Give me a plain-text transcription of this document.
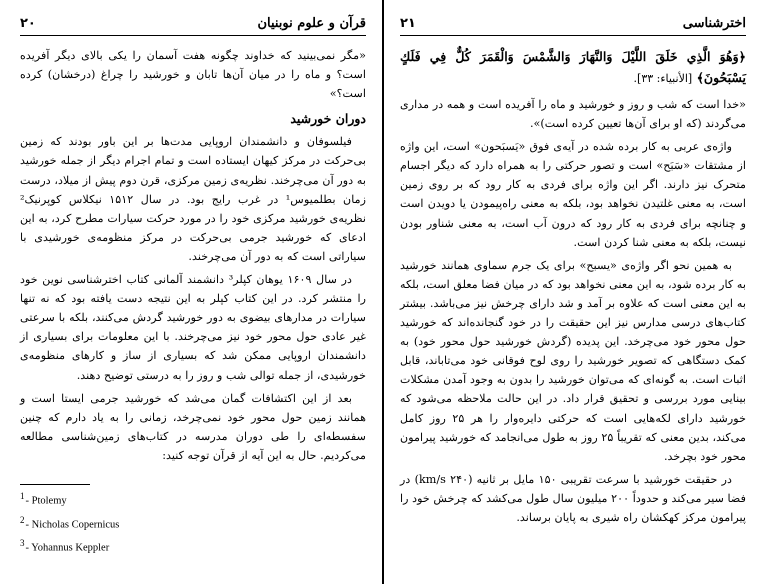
۲۰	قرآن و علوم نوبنیان

«مگر نمی‌بینید که خداوند چگونه هفت آسمان را یکی بالای دیگر آفریده است؟ و ماه را در میان آن‌ها تابان و خورشید را چراغ (درخشان) کرده است؟»

دوران خورشید

فیلسوفان و دانشمندان اروپایی مدت‌ها بر این باور بودند که زمین بی‌حرکت در مرکز کیهان ایستاده است و تمام اجرام دیگر از جمله خورشید به دور آن می‌چرخند. نظریه‌ی زمین مرکزی، قرن دوم پیش از میلاد، درست زمان بطلمیوس¹ در غرب رایج بود. در سال ۱۵۱۲ نیکلاس کوپرنیک² نظریه‌ی خورشید مرکزی خود را در مورد حرکت سیارات مطرح کرد، به این ادعای که خورشید جرمی بی‌حرکت در مرکز منظومه‌ی خورشیدی با سیاراتی است که به دور آن می‌چرخند.

در سال ۱۶۰۹ یوهان کپلر³ دانشمند آلمانی کتاب اخترشناسی نوین خود را منتشر کرد. در این کتاب کپلر به این نتیجه دست یافته بود که نه تنها سیارات در مدارهای بیضوی به دور خورشید گردش می‌کنند، بلکه با سرعتی غیر عادی حول محور خود نیز می‌چرخند. با این معلومات برای بسیاری از دانشمندان اروپایی ممکن شد که بسیاری از ساز و کارهای منظومه‌ی خورشیدی، از جمله توالی شب و روز را به درستی توضیح دهند.

بعد از این اکتشافات گمان می‌شد که خورشید جرمی ایستا است و همانند زمین حول محور خود نمی‌چرخد، زمانی را به یاد دارم که چنین سفسطه‌ای را طی دوران مدرسه در کتاب‌های زمین‌شناسی مطالعه می‌کردیم. حال به این آیه از قرآن توجه کنید:

1- Ptolemy
2- Nicholas Copernicus
3- Yohannus Keppler
۲۱	اخترشناسی

﴿وَهُوَ الَّذِي خَلَقَ اللَّيْلَ وَالنَّهَارَ وَالشَّمْسَ وَالْقَمَرَ كُلٌّ فِي فَلَكٍ يَسْبَحُونَ﴾ [الأنبياء: ۳۳].

«خدا است که شب و روز و خورشید و ماه را آفریده است و همه در مداری می‌گردند (که او برای آن‌ها تعیین کرده است)».

واژه‌ی عربی به کار برده شده در آیه‌ی فوق «یَسبَحون» است، این واژه از مشتقات «سَبَح» است و تصور حرکتی را به همراه دارد که دیگر اجسام متحرک نیز دارند. اگر این واژه برای فردی به کار رود که بر روی زمین است، به معنی غلتیدن نخواهد بود، بلکه به معنی راه‌پیمودن یا دویدن است و چنانچه برای فردی به کار رود که درون آب است، به معنی شناور بودن نیست، بلکه به معنی شنا کردن است.

به همین نحو اگر واژه‌ی «یسبح» برای یک جرم سماوی همانند خورشید به کار برده شود، به این معنی نخواهد بود که در میان فضا معلق است، بلکه به این معنی است که علاوه بر آمد و شد دارای چرخش نیز می‌باشد. بیشتر کتاب‌های درسی مدارس نیز این حقیقت را در خود گنجانده‌اند که خورشید حول محور خود می‌چرخد. این پدیده (گردش خورشید حول محور خود) به کمک دستگاهی که تصویر خورشید را روی لوح فوقانی خود می‌تاباند، قابل اثبات است. به گونه‌ای که می‌توان خورشید را بدون به وجود آمدن مشکلات بینایی مورد بررسی و تحقیق قرار داد. در این حالت ملاحظه می‌شود که خورشید دارای لکه‌هایی است که حرکتی دایره‌وار را هر ۲۵ روز کامل می‌کند، بدین معنی که تقریباً ۲۵ روز به طول می‌انجامد که خورشید پیرامون محور خود بچرخد.

در حقیقت خورشید با سرعت تقریبی ۱۵۰ مایل بر ثانیه (۲۴۰ km/s) در فضا سیر می‌کند و حدوداً ۲۰۰ میلیون سال طول می‌کشد که چرخش خود را پیرامون مرکز کهکشان راه شیری به پایان برساند.
